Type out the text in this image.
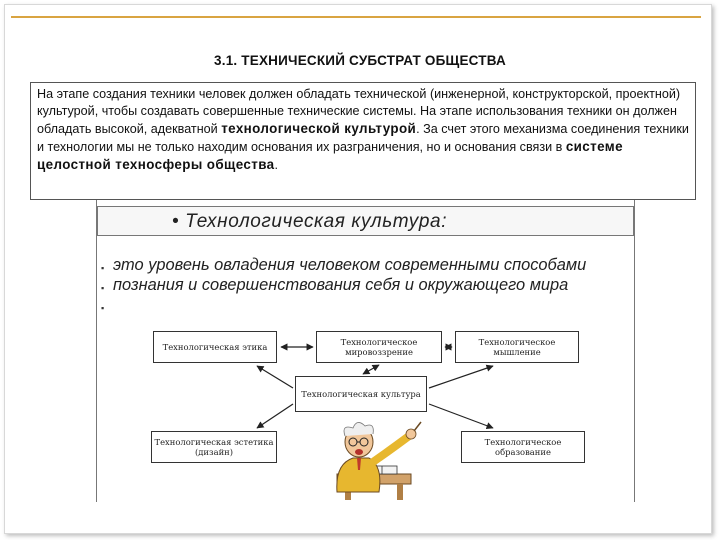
3.1. ТЕХНИЧЕСКИЙ СУБСТРАТ ОБЩЕСТВА
На этапе создания техники человек должен обладать технической (инженерной, конструкторской, проектной) культурой, чтобы создавать совершенные технические системы. На этапе использования техники он должен обладать высокой, адекватной технологической культурой. За счет этого механизма соединения техники и технологии мы не только находим основания их разграничения, но и основания связи в системе целостной техносферы общества.
• Технологическая культура:
▪
▪
▪
это уровень овладения человеком современными способами познания и совершенствования себя и окружающего мира
Технологическая этика	Технологическое мировоззрение
Технологическое мышление
Технологическая культура
Технологическая эстетика (дизайн)
Технологическое образование
